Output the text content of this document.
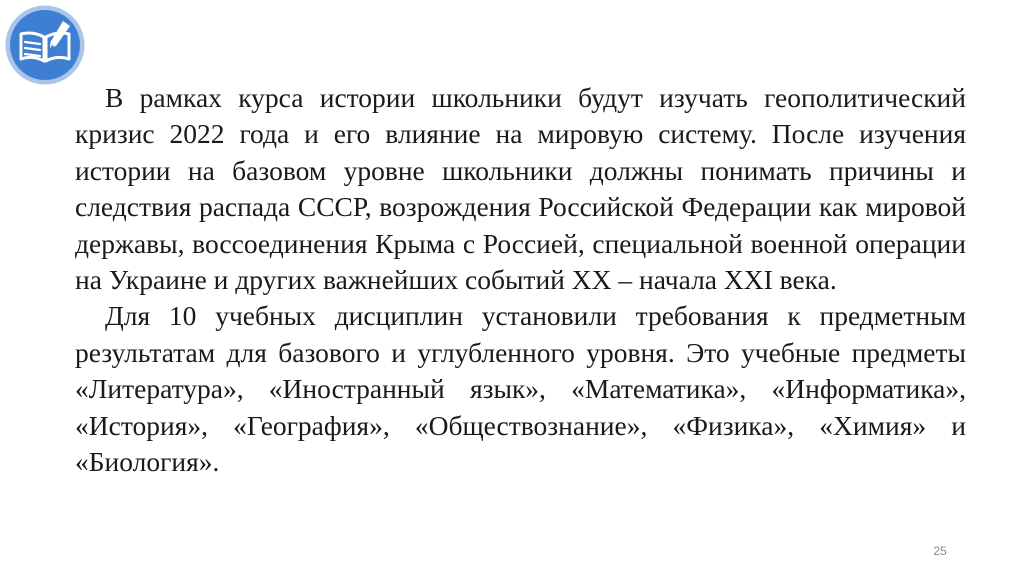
В рамках курса истории школьники будут изучать геополитический кризис 2022 года и его влияние на мировую систему. После изучения истории на базовом уровне школьники должны понимать причины и следствия распада СССР, возрождения Российской Федерации как мировой державы, воссоединения Крыма с Россией, специальной военной операции на Украине и других важнейших событий XX – начала XXI века.

Для 10 учебных дисциплин установили требования к предметным результатам для базового и углубленного уровня. Это учебные предметы «Литература», «Иностранный язык», «Математика», «Информатика», «История», «География», «Обществознание», «Физика», «Химия» и «Биология».

25
